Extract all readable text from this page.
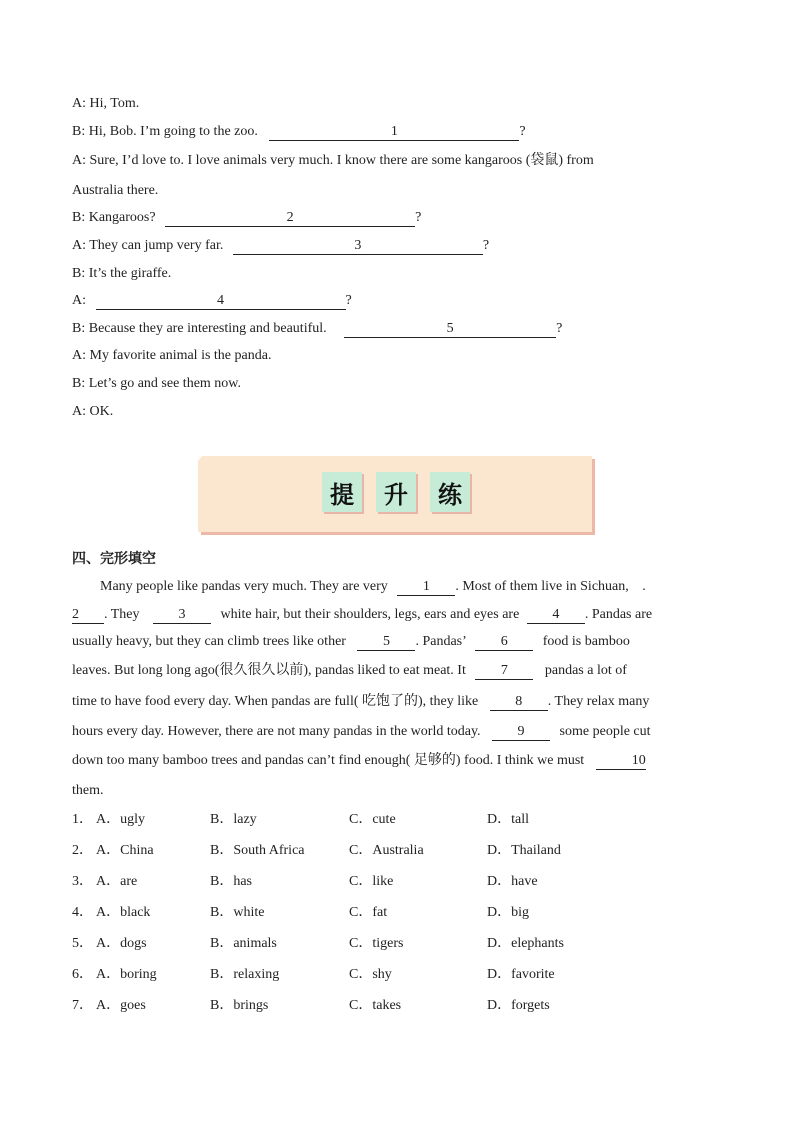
A: Hi, Tom.
B: Hi, Bob. I’m going to the zoo.	1	?
A: Sure, I’d love to. I love animals very much. I know there are some kangaroos (袋鼠) from
Australia there.
B: Kangaroos?	2	?
A: They can jump very far.	3	?
B: It’s the giraffe.
A:	4	?
B: Because they are interesting and beautiful.	5	?
A: My favorite animal is the panda.
B: Let’s go and see them now.
A: OK.
提	升	练
四、完形填空
Many people like pandas very much. They are very	1 . Most of them live in Sichuan, .
2 . They	3	white hair, but their shoulders, legs, ears and eyes are 4 . Pandas are
usually heavy, but they can climb trees like other	5 . Pandas’	6	food is bamboo
leaves. But long long ago(很久很久以前), pandas liked to eat meat. It	7	pandas a lot of
time to have food every day. When pandas are full( 吃饱了的), they like	8 . They relax many
hours every day. However, there are not many pandas in the world today.	9	some people cut
down too many bamboo trees and pandas can’t find enough( 足够的) food. I think we must	10
them.
1． A．ugly	B．lazy	C．cute	D．tall
2． A．China	B．South Africa	C．Australia	D．Thailand
3． A．are	B．has	C．like	D．have
4． A．black	B．white	C．fat	D．big
5． A．dogs	B．animals	C．tigers	D．elephants
6． A．boring	B．relaxing	C．shy	D．favorite
7． A．goes	B．brings	C．takes	D．forgets
